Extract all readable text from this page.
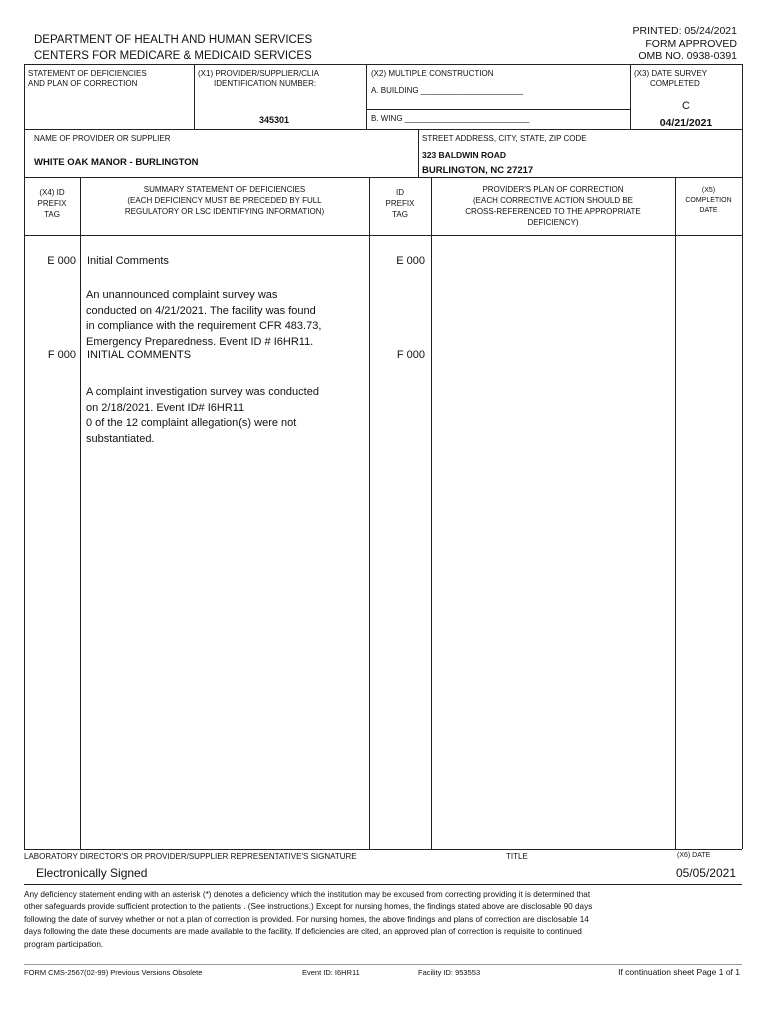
DEPARTMENT OF HEALTH AND HUMAN SERVICES
CENTERS FOR MEDICARE & MEDICAID SERVICES
PRINTED: 05/24/2021
FORM APPROVED
OMB NO. 0938-0391
STATEMENT OF DEFICIENCIES
AND PLAN OF CORRECTION
(X1) PROVIDER/SUPPLIER/CLIA
IDENTIFICATION NUMBER:
345301
(X2) MULTIPLE CONSTRUCTION
A. BUILDING _______________________
B. WING ____________________________
(X3) DATE SURVEY
COMPLETED
C
04/21/2021
NAME OF PROVIDER OR SUPPLIER
WHITE OAK MANOR - BURLINGTON
STREET ADDRESS, CITY, STATE, ZIP CODE
323 BALDWIN ROAD
BURLINGTON, NC 27217
(X4) ID
PREFIX
TAG
SUMMARY STATEMENT OF DEFICIENCIES
(EACH DEFICIENCY MUST BE PRECEDED BY FULL
REGULATORY OR LSC IDENTIFYING INFORMATION)
ID
PREFIX
TAG
PROVIDER'S PLAN OF CORRECTION
(EACH CORRECTIVE ACTION SHOULD BE
CROSS-REFERENCED TO THE APPROPRIATE
DEFICIENCY)
(X5)
COMPLETION
DATE
E 000 Initial Comments
An unannounced complaint survey was
conducted on 4/21/2021. The facility was found
in compliance with the requirement CFR 483.73,
Emergency Preparedness. Event ID # I6HR11.
E 000
F 000 INITIAL COMMENTS
A complaint investigation survey was conducted
on 2/18/2021. Event ID# I6HR11
0 of the 12 complaint allegation(s) were not
substantiated.
F 000
LABORATORY DIRECTOR'S OR PROVIDER/SUPPLIER REPRESENTATIVE'S SIGNATURE	TITLE	(X6) DATE
Electronically Signed	05/05/2021
Any deficiency statement ending with an asterisk (*) denotes a deficiency which the institution may be excused from correcting providing it is determined that
other safeguards provide sufficient protection to the patients . (See instructions.) Except for nursing homes, the findings stated above are disclosable 90 days
following the date of survey whether or not a plan of correction is provided. For nursing homes, the above findings and plans of correction are disclosable 14
days following the date these documents are made available to the facility. If deficiencies are cited, an approved plan of correction is requisite to continued
program participation.
FORM CMS-2567(02-99) Previous Versions Obsolete	Event ID: I6HR11	Facility ID: 953553	If continuation sheet Page 1 of 1
